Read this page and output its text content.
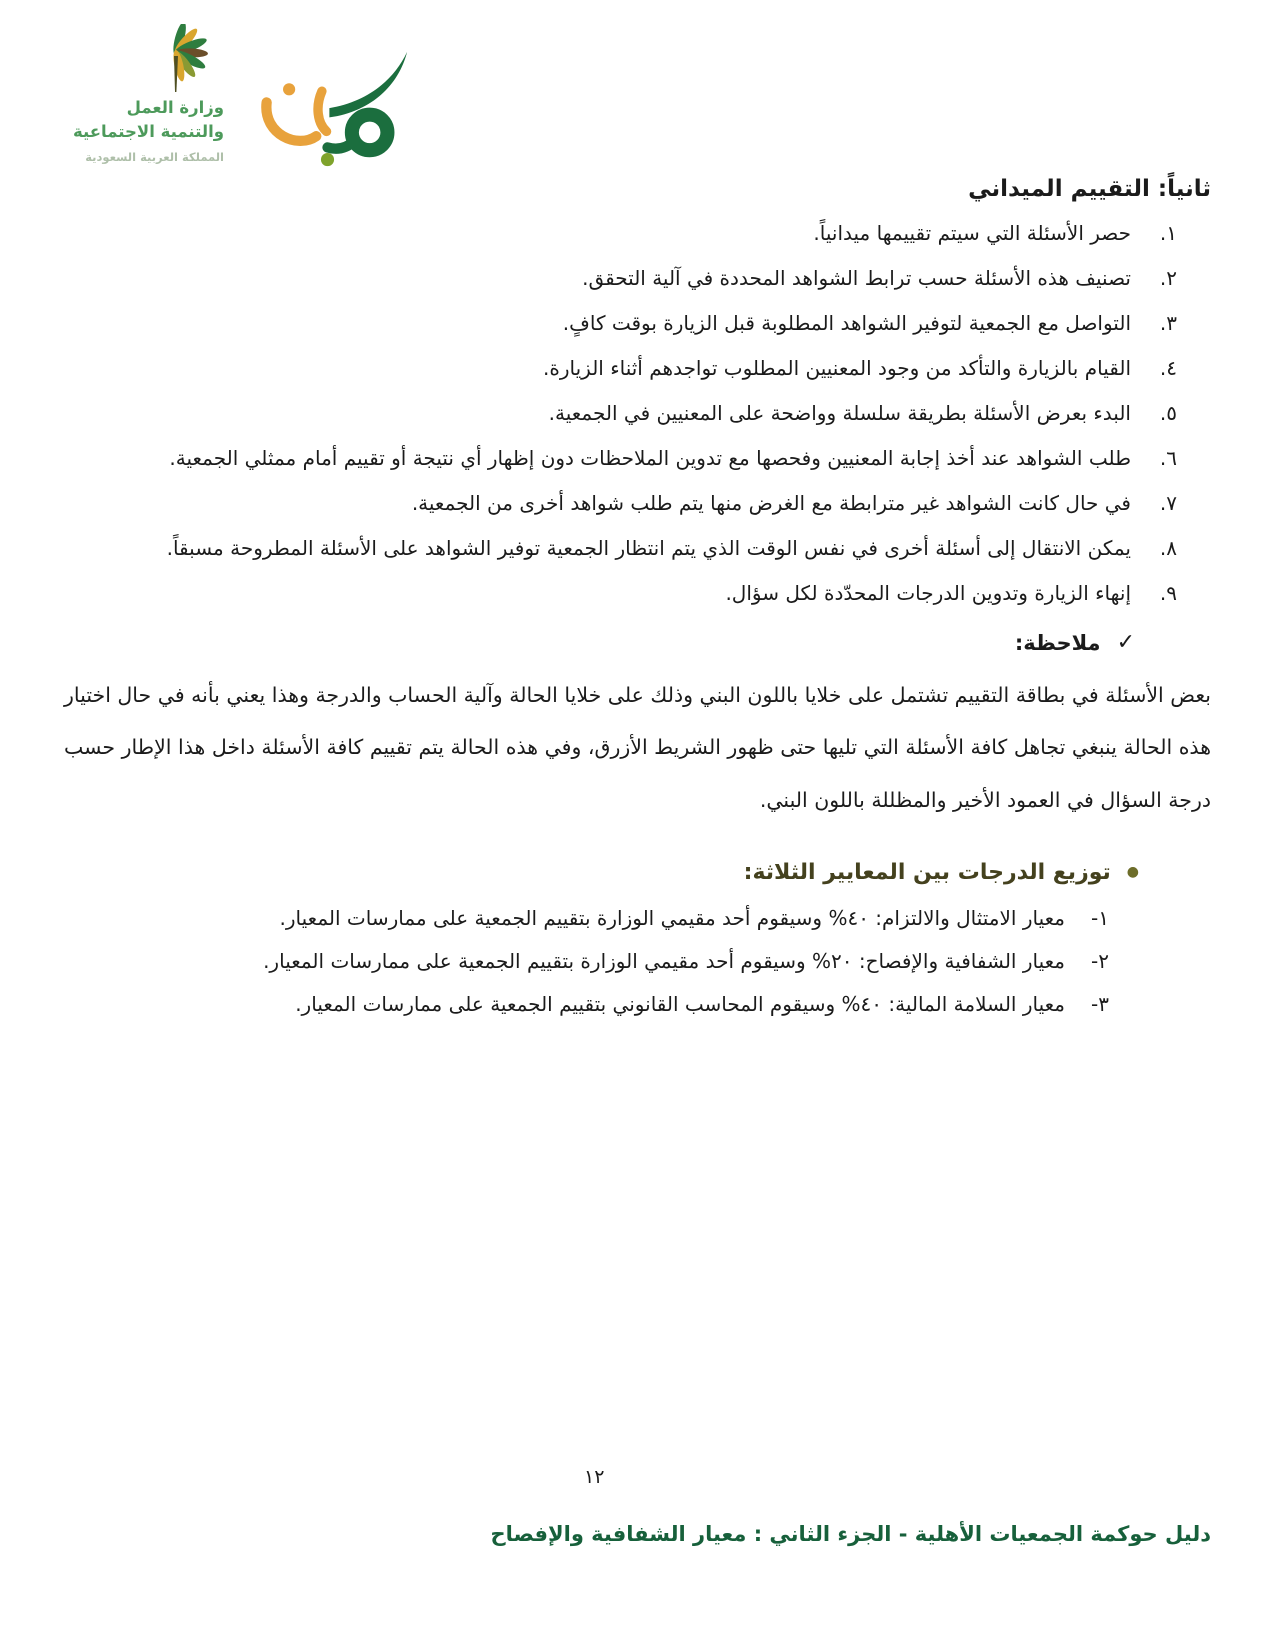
وزارة العمل
والتنمية الاجتماعية
المملكة العربية السعودية
ثانياً: التقييم الميداني
١.
حصر الأسئلة التي سيتم تقييمها ميدانياً.
٢.
تصنيف هذه الأسئلة حسب ترابط الشواهد المحددة في آلية التحقق.
٣.
التواصل مع الجمعية لتوفير الشواهد المطلوبة قبل الزيارة بوقت كافٍ.
٤.
القيام بالزيارة والتأكد من وجود المعنيين المطلوب تواجدهم أثناء الزيارة.
٥.
البدء بعرض الأسئلة بطريقة سلسلة وواضحة على المعنيين في الجمعية.
٦.
طلب الشواهد عند أخذ إجابة المعنيين وفحصها مع تدوين الملاحظات دون إظهار أي نتيجة أو تقييم أمام ممثلي الجمعية.
٧.
في حال كانت الشواهد غير مترابطة مع الغرض منها يتم طلب شواهد أخرى من الجمعية.
٨.
يمكن الانتقال إلى أسئلة أخرى في نفس الوقت الذي يتم انتظار الجمعية توفير الشواهد على الأسئلة المطروحة مسبقاً.
٩.
إنهاء الزيارة وتدوين الدرجات المحدّدة لكل سؤال.
✓
ملاحظة:

بعض الأسئلة في بطاقة التقييم تشتمل على خلايا باللون البني وذلك على خلايا الحالة وآلية الحساب والدرجة وهذا يعني بأنه في حال اختيار هذه الحالة ينبغي تجاهل كافة الأسئلة التي تليها حتى ظهور الشريط الأزرق، وفي هذه الحالة يتم تقييم كافة الأسئلة داخل هذا الإطار حسب درجة السؤال في العمود الأخير والمظللة باللون البني.

●
توزيع الدرجات بين المعايير الثلاثة:
١-
معيار الامتثال والالتزام: ٤٠% وسيقوم أحد مقيمي الوزارة بتقييم الجمعية على ممارسات المعيار.
٢-
معيار الشفافية والإفصاح: ٢٠% وسيقوم أحد مقيمي الوزارة بتقييم الجمعية على ممارسات المعيار.
٣-
معيار السلامة المالية: ٤٠% وسيقوم المحاسب القانوني بتقييم الجمعية على ممارسات المعيار.
١٢
دليل حوكمة الجمعيات الأهلية - الجزء الثاني : معيار الشفافية والإفصاح
